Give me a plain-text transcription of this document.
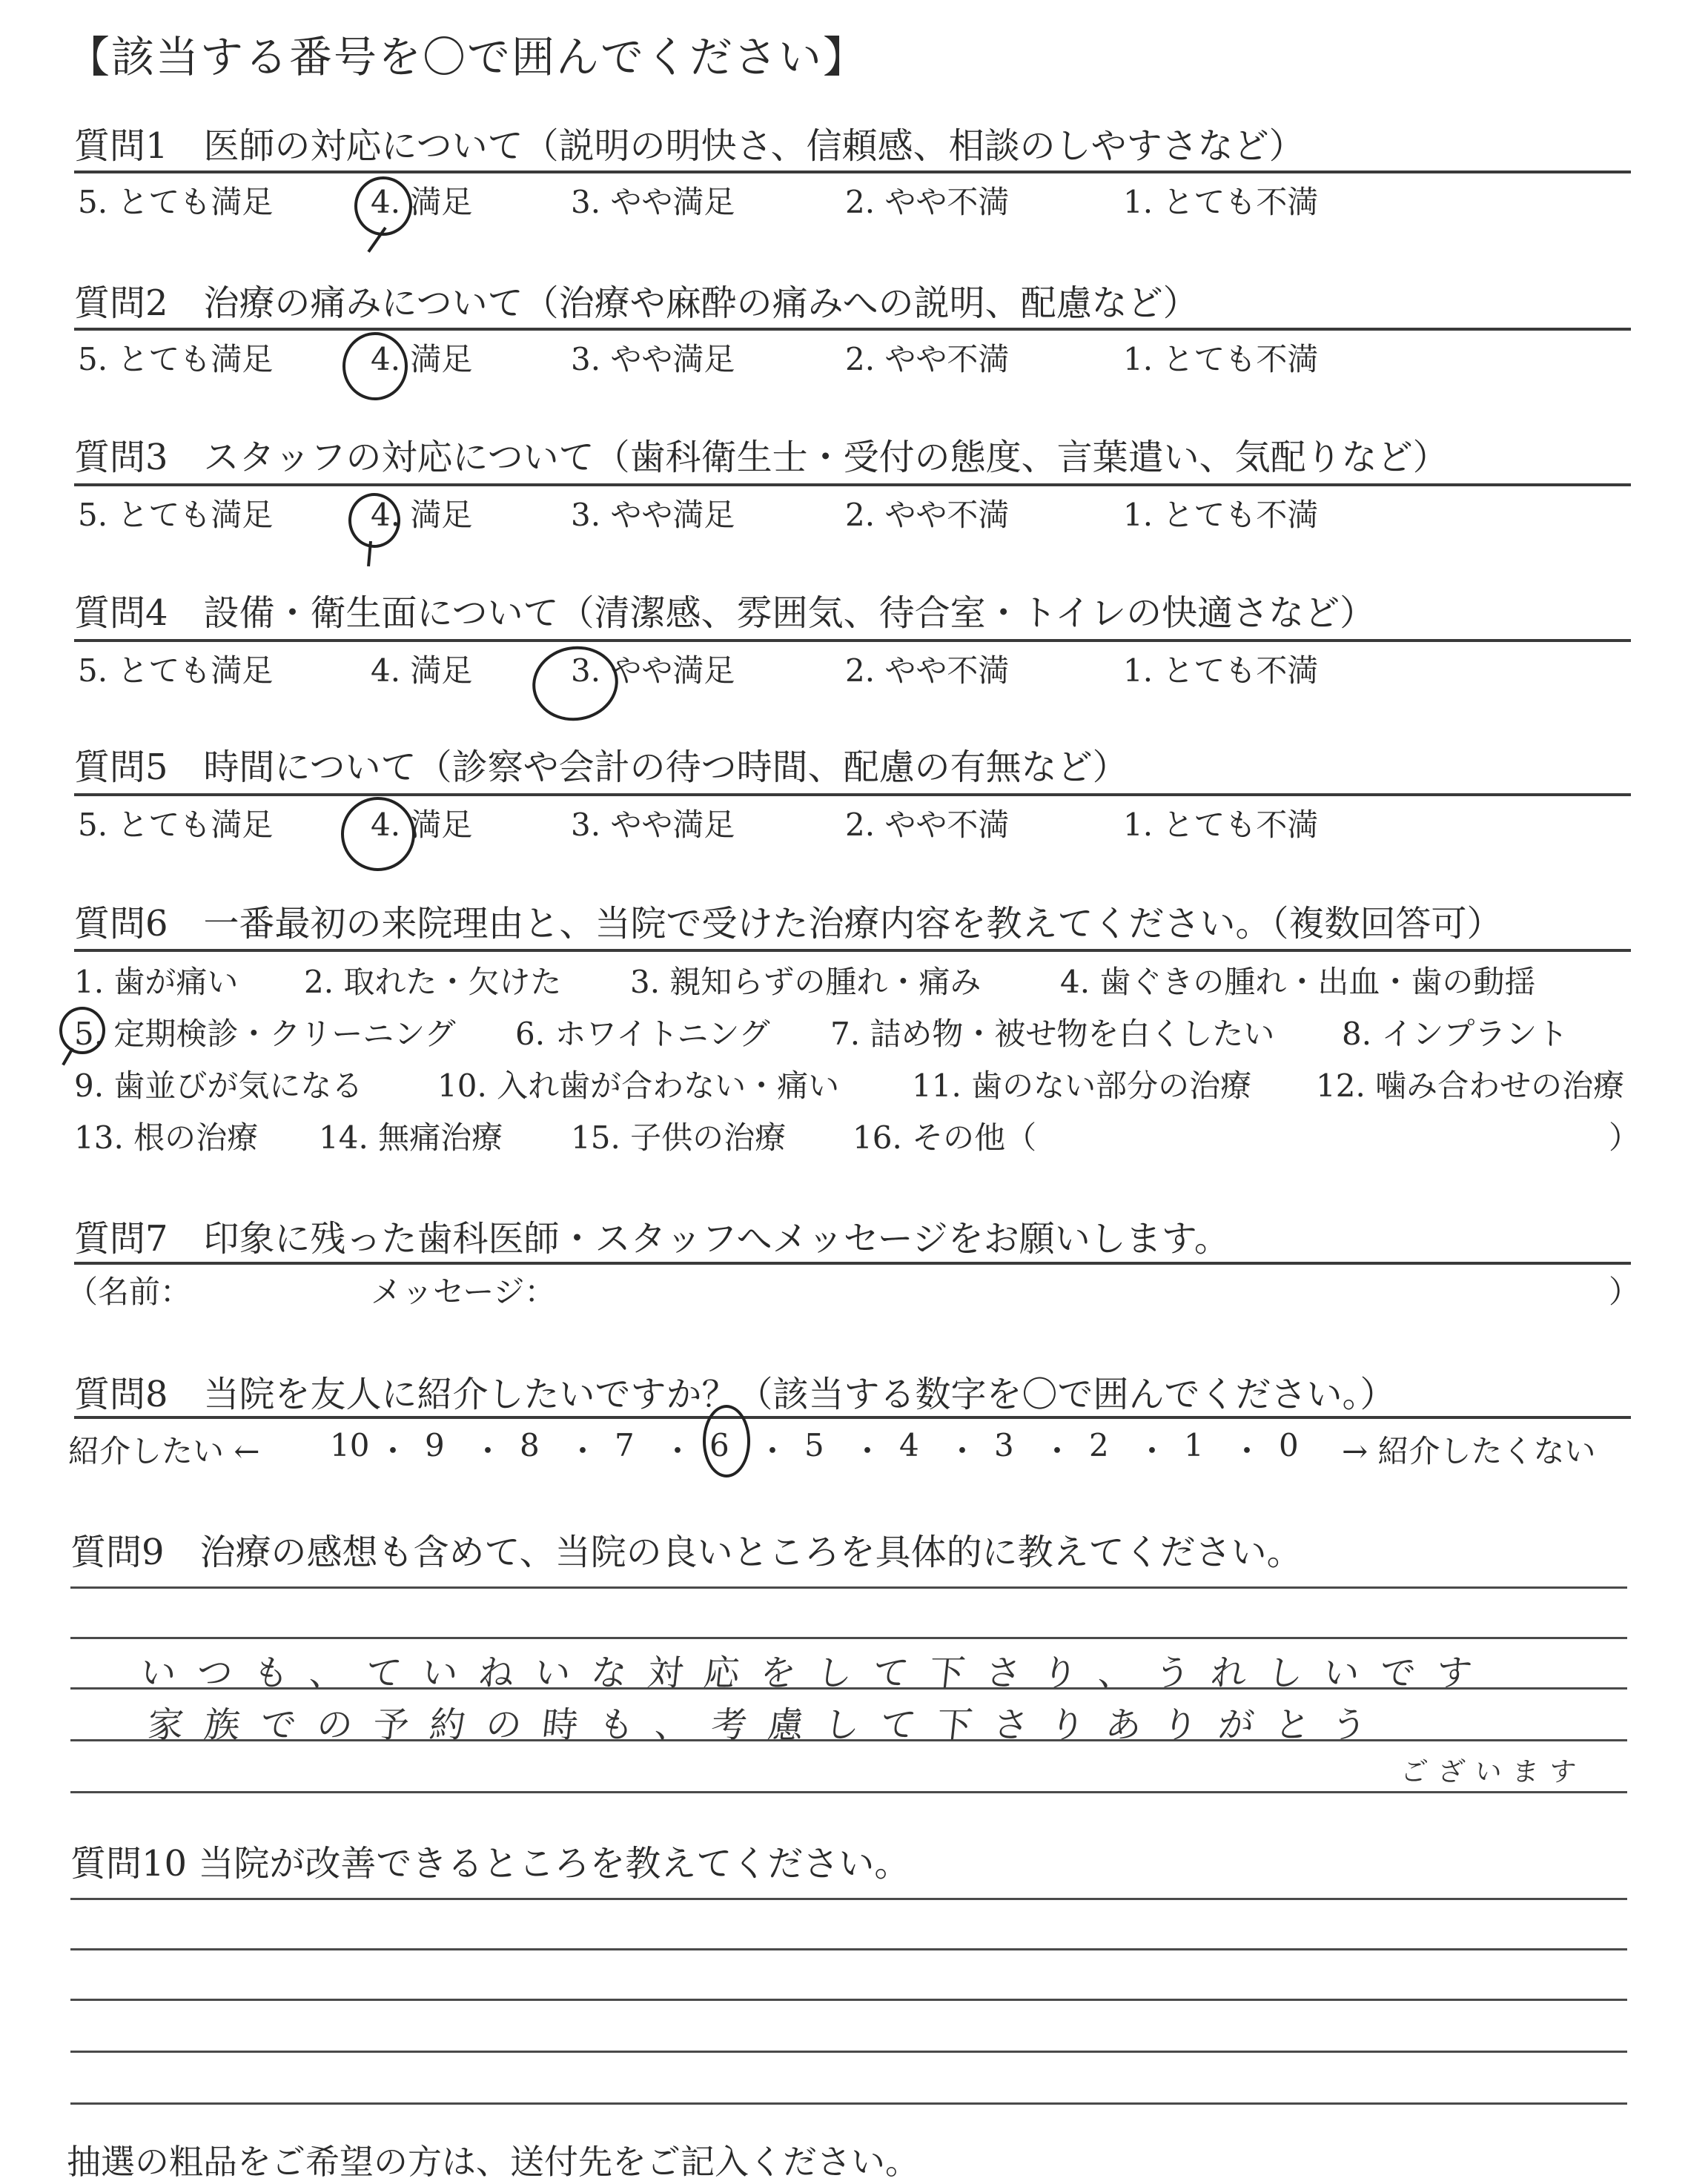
【該当する番号を〇で囲んでください】
質問1　医師の対応について（説明の明快さ、信頼感、相談のしやすさなど）
5. とても満足	4. 満足	3. やや満足	2. やや不満	1. とても不満
質問2　治療の痛みについて（治療や麻酔の痛みへの説明、配慮など）
5. とても満足	4. 満足	3. やや満足	2. やや不満	1. とても不満
質問3　スタッフの対応について（歯科衛生士・受付の態度、言葉遣い、気配りなど）
5. とても満足	4. 満足	3. やや満足	2. やや不満	1. とても不満
質問4　設備・衛生面について（清潔感、雰囲気、待合室・トイレの快適さなど）
5. とても満足	4. 満足	3. やや満足	2. やや不満	1. とても不満
質問5　時間について（診察や会計の待つ時間、配慮の有無など）
5. とても満足	4. 満足	3. やや満足	2. やや不満	1. とても不満
質問6　一番最初の来院理由と、当院で受けた治療内容を教えてください。（複数回答可）
1. 歯が痛い 2. 取れた・欠けた 3. 親知らずの腫れ・痛み	4. 歯ぐきの腫れ・出血・歯の動揺
5. 定期検診・クリーニング 6. ホワイトニング 7. 詰め物・被せ物を白くしたい 8. インプラント
9. 歯並びが気になる 10. 入れ歯が合わない・痛い 11. 歯のない部分の治療 12. 噛み合わせの治療
13. 根の治療 14. 無痛治療 15. 子供の治療 16. その他（	）
質問7　印象に残った歯科医師・スタッフへメッセージをお願いします。
（名前：	メッセージ：	）
質問8　当院を友人に紹介したいですか？（該当する数字を〇で囲んでください。）
紹介したい ← 10 ・ 9 ・ 8 ・ 7 ・ 6 ・ 5 ・ 4 ・ 3 ・ 2 ・ 1 ・ 0 → 紹介したくない
質問9　治療の感想も含めて、当院の良いところを具体的に教えてください。
いつも、ていねいな対応をして下さり、うれしいです
家族での予約の時も、考慮して下さりありがとう
ございます
質問10 当院が改善できるところを教えてください。
抽選の粗品をご希望の方は、送付先をご記入ください。
